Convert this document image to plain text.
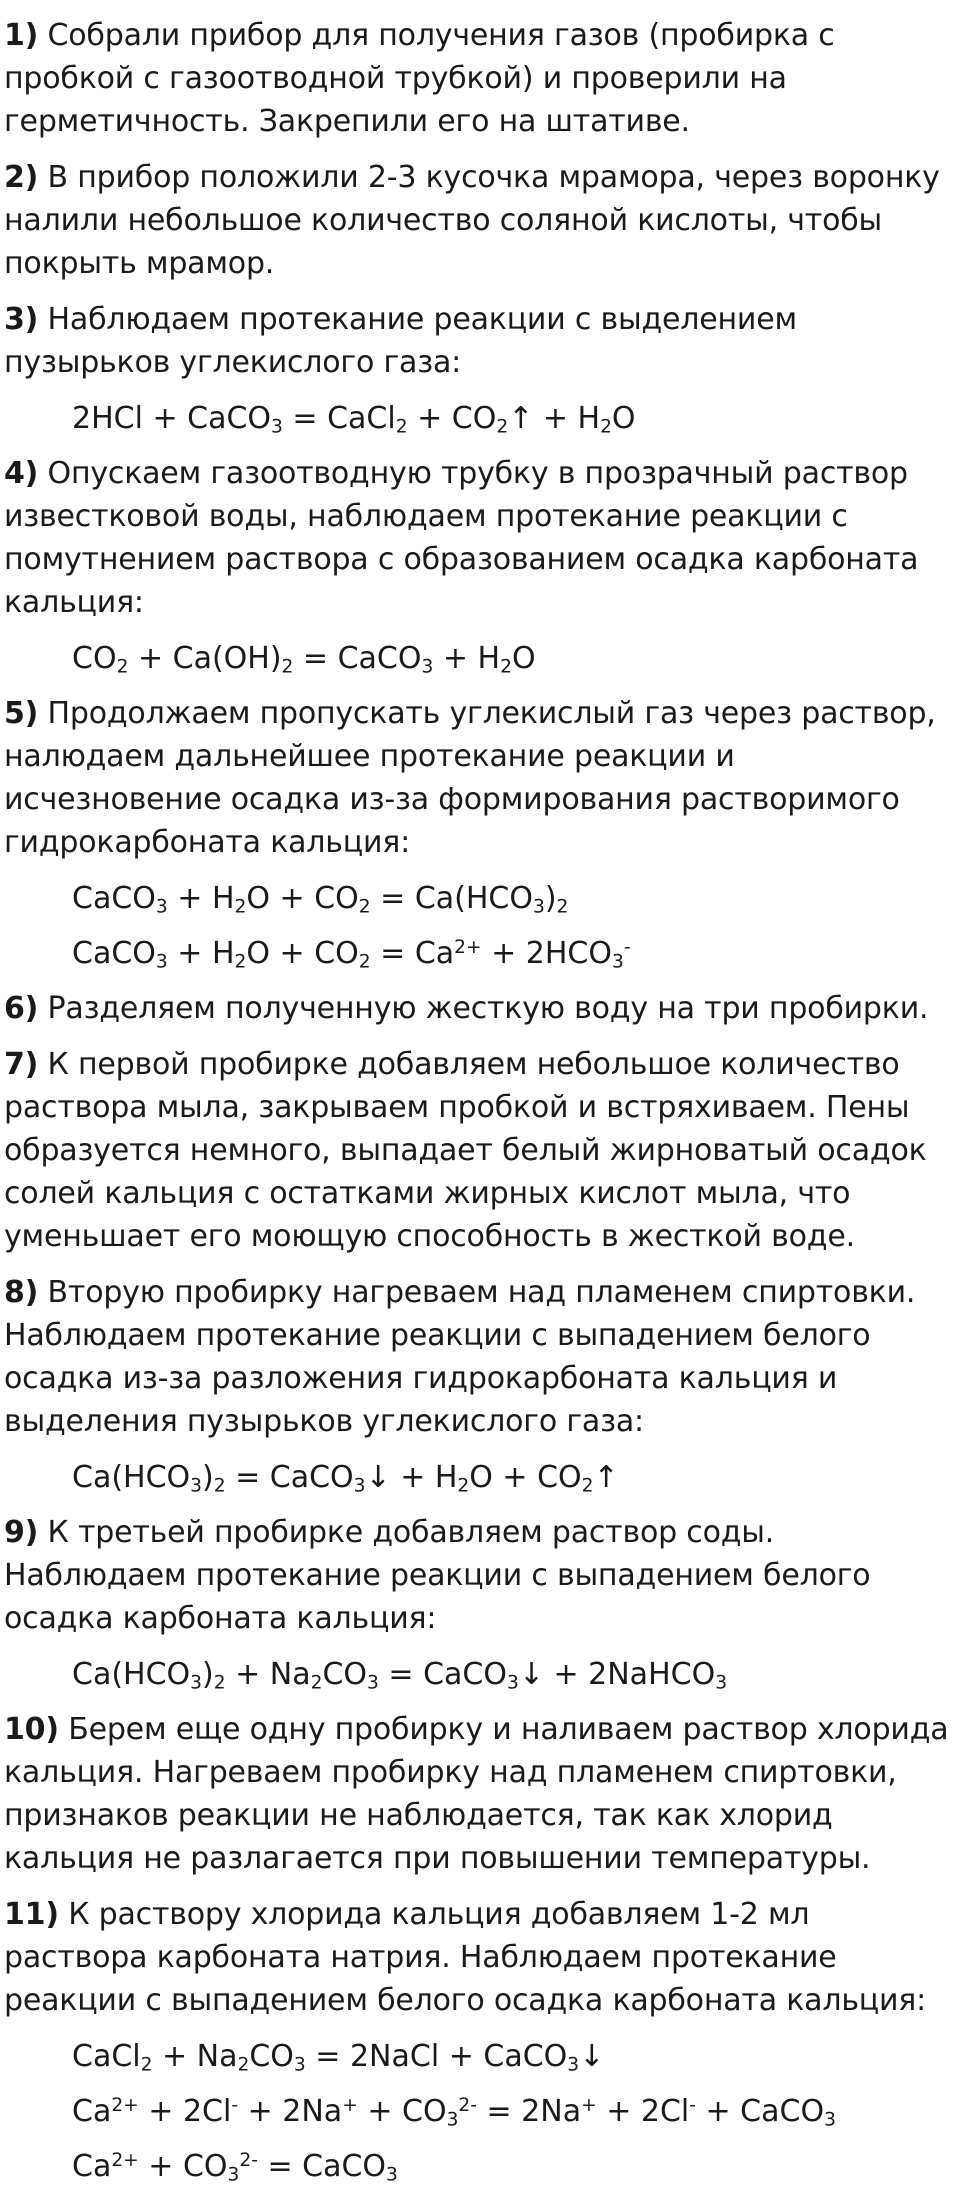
1) Собрали прибор для получения газов (пробирка с пробкой с газоотводной трубкой) и проверили на герметичность. Закрепили его на штативе.
2) В прибор положили 2-3 кусочка мрамора, через воронку налили небольшое количество соляной кислоты, чтобы покрыть мрамор.
3) Наблюдаем протекание реакции с выделением пузырьков углекислого газа:
2HCl + CaCO$_3$ = CaCl$_2$ + $CO_2↑ + H_2O$
4) Опускаем газоотводную трубку в прозрачный раствор известковой воды, наблюдаем протекание реакции с помутнением раствора с образованием осадка карбоната кальция:
$CO_2 + Ca(OH)_2$ = CaCO$_3$ + $H_2O$
5) Продолжаем пропускать углекислый газ через раствор, налюдаем дальнейшее протекание реакции и исчезновение осадка из-за формирования растворимого гидрокарбоната кальция:
CaCO$_3$ + $H_2O + CO_2 = Ca(HCO_3)_2$
CaCO$_3$ + $H_2O + CO_2 = Ca^{2+} + 2HCO_3^-$
6) Разделяем полученную жесткую воду на три пробирки.
7) К первой пробирке добавляем небольшое количество раствора мыла, закрываем пробкой и встряхиваем. Пены образуется немного, выпадает белый жирноватый осадок солей кальция с остатками жирных кислот мыла, что уменьшает его моющую способность в жесткой воде.
8) Вторую пробирку нагреваем над пламенем спиртовки. Наблюдаем протекание реакции с выпадением белого осадка из-за разложения гидрокарбоната кальция и выделения пузырьков углекислого газа:
$Ca(HCO_3)_2$ = CaCO$_3$↓ + $H_2O$ + $CO_2↑$
9) К третьей пробирке добавляем раствор соды. Наблюдаем протекание реакции с выпадением белого осадка карбоната кальция:
$Ca(HCO_3)_2 + Na_2CO_3$ = CaCO$_3$↓ + 2NaHCO$_3$
10) Берем еще одну пробирку и наливаем раствор хлорида кальция. Нагреваем пробирку над пламенем спиртовки, признаков реакции не наблюдается, так как хлорид кальция не разлагается при повышении температуры.
11) К раствору хлорида кальция добавляем 1-2 мл раствора карбоната натрия. Наблюдаем протекание реакции с выпадением белого осадка карбоната кальция:
CaCl$_2$ + $Na_2CO_3$ = 2NaCl + CaCO$_3$↓
$Ca^{2+} + 2Cl^- + 2Na^+ + CO_3^{2-} = 2Na^+ + 2Cl^-$ + CaCO$_3$
$Ca^{2+} + CO_3^{2-}$ = CaCO$_3$
